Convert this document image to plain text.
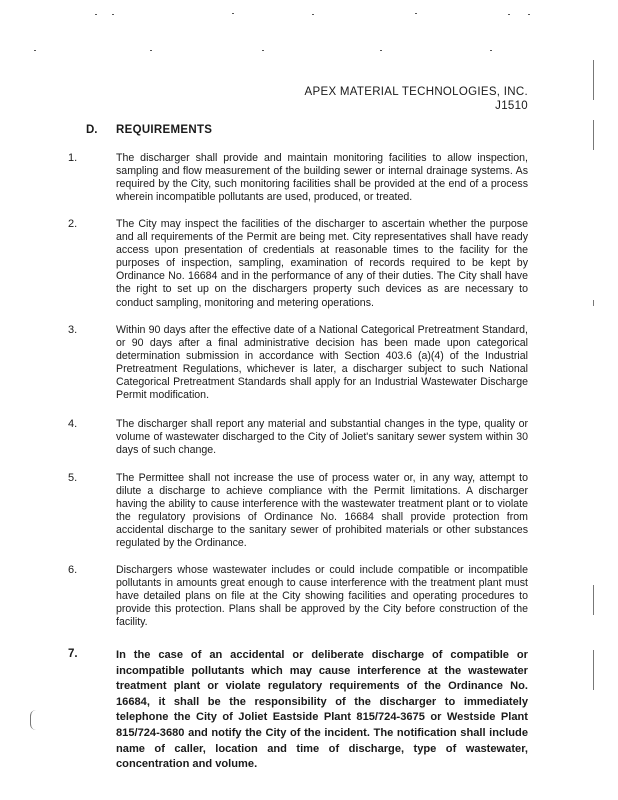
APEX MATERIAL TECHNOLOGIES, INC.
J1510
D. REQUIREMENTS
1.	The discharger shall provide and maintain monitoring facilities to allow inspection, sampling and flow measurement of the building sewer or internal drainage systems. As required by the City, such monitoring facilities shall be provided at the end of a process wherein incompatible pollutants are used, produced, or treated.
2.	The City may inspect the facilities of the discharger to ascertain whether the purpose and all requirements of the Permit are being met. City representatives shall have ready access upon presentation of credentials at reasonable times to the facility for the purposes of inspection, sampling, examination of records required to be kept by Ordinance No. 16684 and in the performance of any of their duties. The City shall have the right to set up on the dischargers property such devices as are necessary to conduct sampling, monitoring and metering operations.
3.	Within 90 days after the effective date of a National Categorical Pretreatment Standard, or 90 days after a final administrative decision has been made upon categorical determination submission in accordance with Section 403.6 (a)(4) of the Industrial Pretreatment Regulations, whichever is later, a discharger subject to such National Categorical Pretreatment Standards shall apply for an Industrial Wastewater Discharge Permit modification.
4.	The discharger shall report any material and substantial changes in the type, quality or volume of wastewater discharged to the City of Joliet's sanitary sewer system within 30 days of such change.
5.	The Permittee shall not increase the use of process water or, in any way, attempt to dilute a discharge to achieve compliance with the Permit limitations. A discharger having the ability to cause interference with the wastewater treatment plant or to violate the regulatory provisions of Ordinance No. 16684 shall provide protection from accidental discharge to the sanitary sewer of prohibited materials or other substances regulated by the Ordinance.
6.	Dischargers whose wastewater includes or could include compatible or incompatible pollutants in amounts great enough to cause interference with the treatment plant must have detailed plans on file at the City showing facilities and operating procedures to provide this protection. Plans shall be approved by the City before construction of the facility.
7.	In the case of an accidental or deliberate discharge of compatible or incompatible pollutants which may cause interference at the wastewater treatment plant or violate regulatory requirements of the Ordinance No. 16684, it shall be the responsibility of the discharger to immediately telephone the City of Joliet Eastside Plant 815/724-3675 or Westside Plant 815/724-3680 and notify the City of the incident. The notification shall include name of caller, location and time of discharge, type of wastewater, concentration and volume.
